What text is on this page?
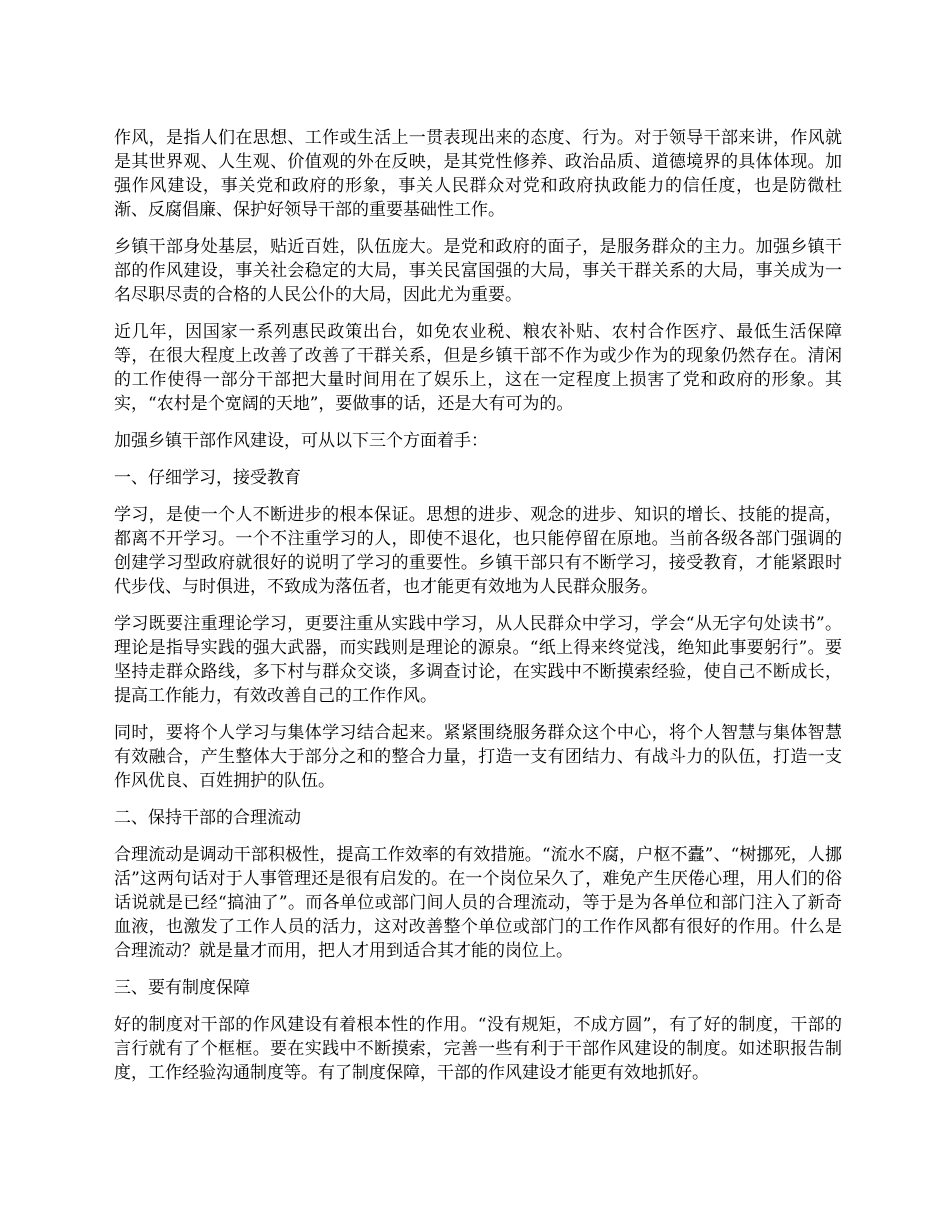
作风，是指人们在思想、工作或生活上一贯表现出来的态度、行为。对于领导干部来讲，作风就是其世界观、人生观、价值观的外在反映，是其党性修养、政治品质、道德境界的具体体现。加强作风建设，事关党和政府的形象，事关人民群众对党和政府执政能力的信任度，也是防微杜渐、反腐倡廉、保护好领导干部的重要基础性工作。

乡镇干部身处基层，贴近百姓，队伍庞大。是党和政府的面子，是服务群众的主力。加强乡镇干部的作风建设，事关社会稳定的大局，事关民富国强的大局，事关干群关系的大局，事关成为一名尽职尽责的合格的人民公仆的大局，因此尤为重要。

近几年，因国家一系列惠民政策出台，如免农业税、粮农补贴、农村合作医疗、最低生活保障等，在很大程度上改善了改善了干群关系，但是乡镇干部不作为或少作为的现象仍然存在。清闲的工作使得一部分干部把大量时间用在了娱乐上，这在一定程度上损害了党和政府的形象。其实，“农村是个宽阔的天地”，要做事的话，还是大有可为的。

加强乡镇干部作风建设，可从以下三个方面着手：

一、仔细学习，接受教育

学习，是使一个人不断进步的根本保证。思想的进步、观念的进步、知识的增长、技能的提高，都离不开学习。一个不注重学习的人，即使不退化，也只能停留在原地。当前各级各部门强调的创建学习型政府就很好的说明了学习的重要性。乡镇干部只有不断学习，接受教育，才能紧跟时代步伐、与时俱进，不致成为落伍者，也才能更有效地为人民群众服务。

学习既要注重理论学习，更要注重从实践中学习，从人民群众中学习，学会“从无字句处读书”。理论是指导实践的强大武器，而实践则是理论的源泉。“纸上得来终觉浅，绝知此事要躬行”。要坚持走群众路线，多下村与群众交谈，多调查讨论，在实践中不断摸索经验，使自己不断成长，提高工作能力，有效改善自己的工作作风。

同时，要将个人学习与集体学习结合起来。紧紧围绕服务群众这个中心，将个人智慧与集体智慧有效融合，产生整体大于部分之和的整合力量，打造一支有团结力、有战斗力的队伍，打造一支作风优良、百姓拥护的队伍。

二、保持干部的合理流动

合理流动是调动干部积极性，提高工作效率的有效措施。“流水不腐，户枢不蠹”、“树挪死，人挪活”这两句话对于人事管理还是很有启发的。在一个岗位呆久了，难免产生厌倦心理，用人们的俗话说就是已经“搞油了”。而各单位或部门间人员的合理流动，等于是为各单位和部门注入了新奇血液，也激发了工作人员的活力，这对改善整个单位或部门的工作作风都有很好的作用。什么是合理流动？就是量才而用，把人才用到适合其才能的岗位上。

三、要有制度保障

好的制度对干部的作风建设有着根本性的作用。“没有规矩，不成方圆”，有了好的制度，干部的言行就有了个框框。要在实践中不断摸索，完善一些有利于干部作风建设的制度。如述职报告制度，工作经验沟通制度等。有了制度保障，干部的作风建设才能更有效地抓好。
